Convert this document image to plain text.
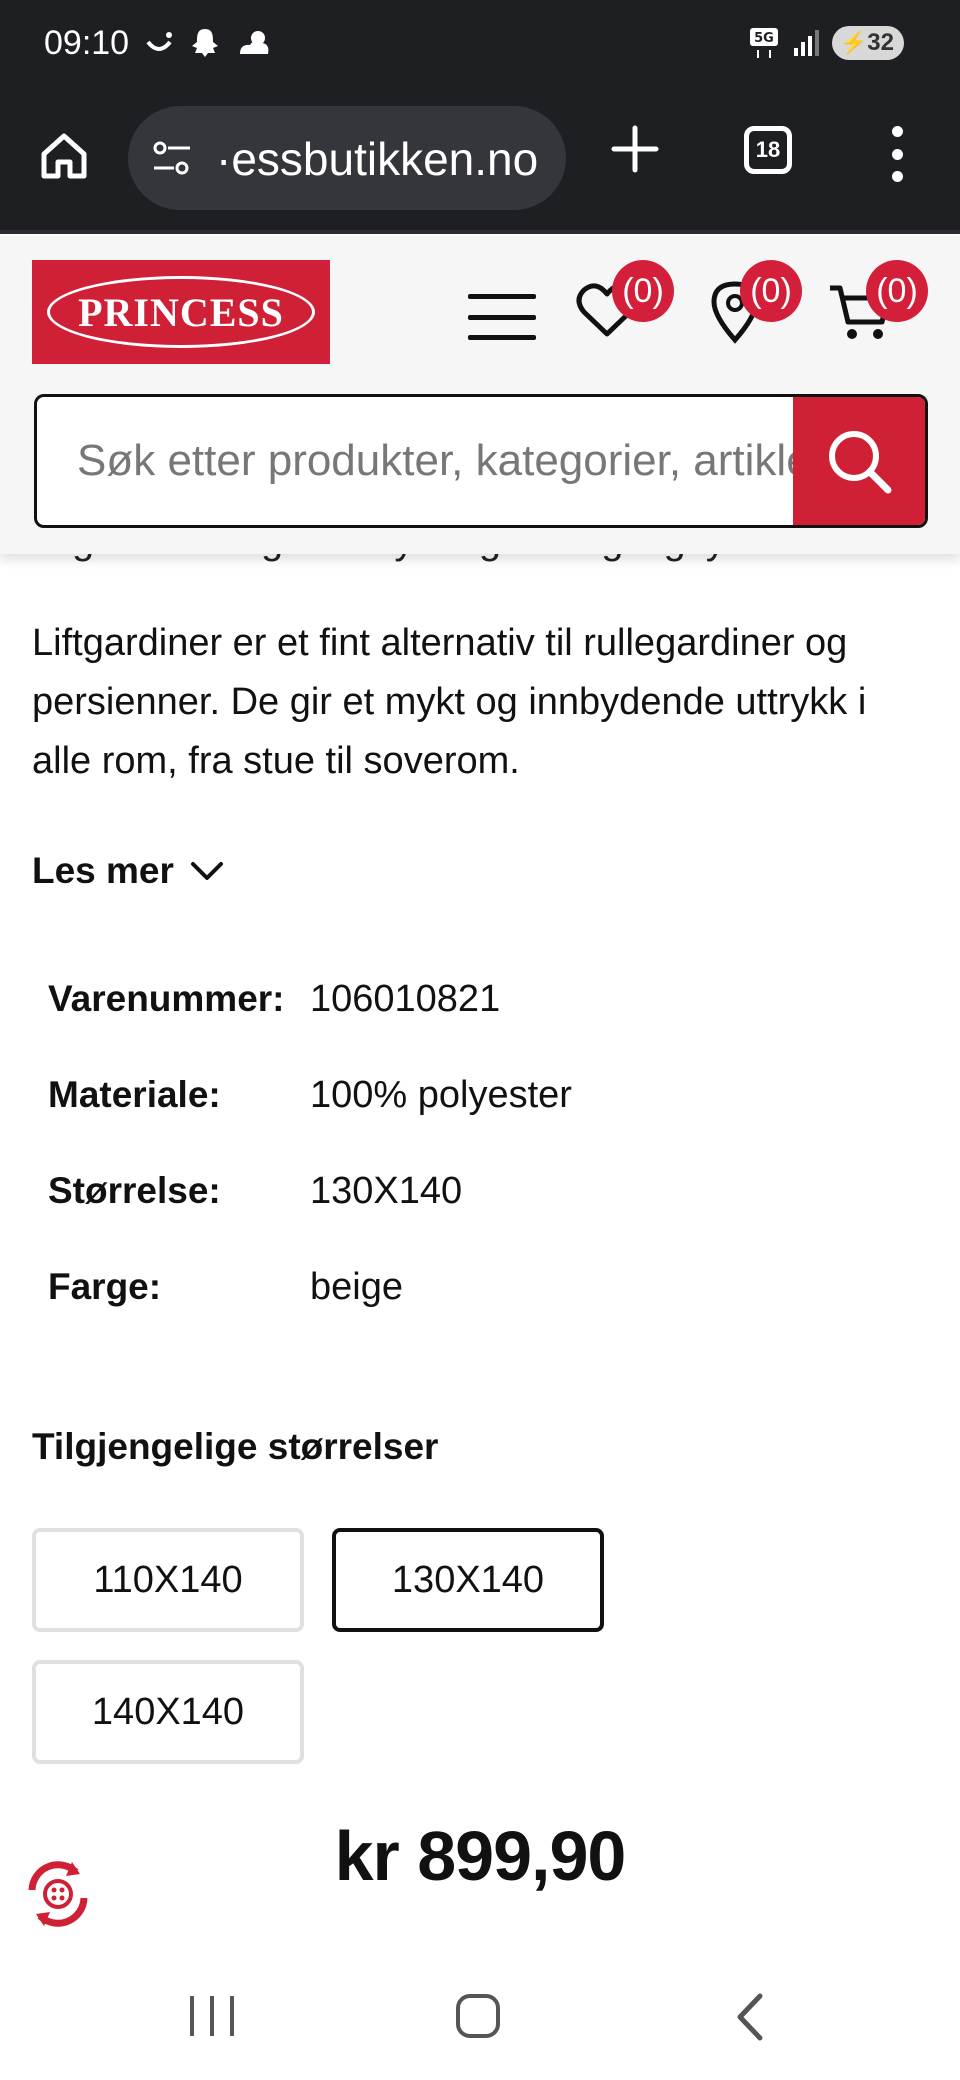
09:10	5G	⚡ 32
·essbutikken.no	18
PRINCESS	(0)	(0)	(0)
Søk etter produkter, kategorier, artikler

Liftgardiner er et fint alternativ til rullegardiner og persienner. De gir et mykt og innbydende uttrykk i alle rom, fra stue til soverom.

Les mer
Varenummer: 106010821
Materiale: 100% polyester
Størrelse: 130X140
Farge:	beige
Tilgjengelige størrelser
110X140	130X140
140X140
kr 899,90
